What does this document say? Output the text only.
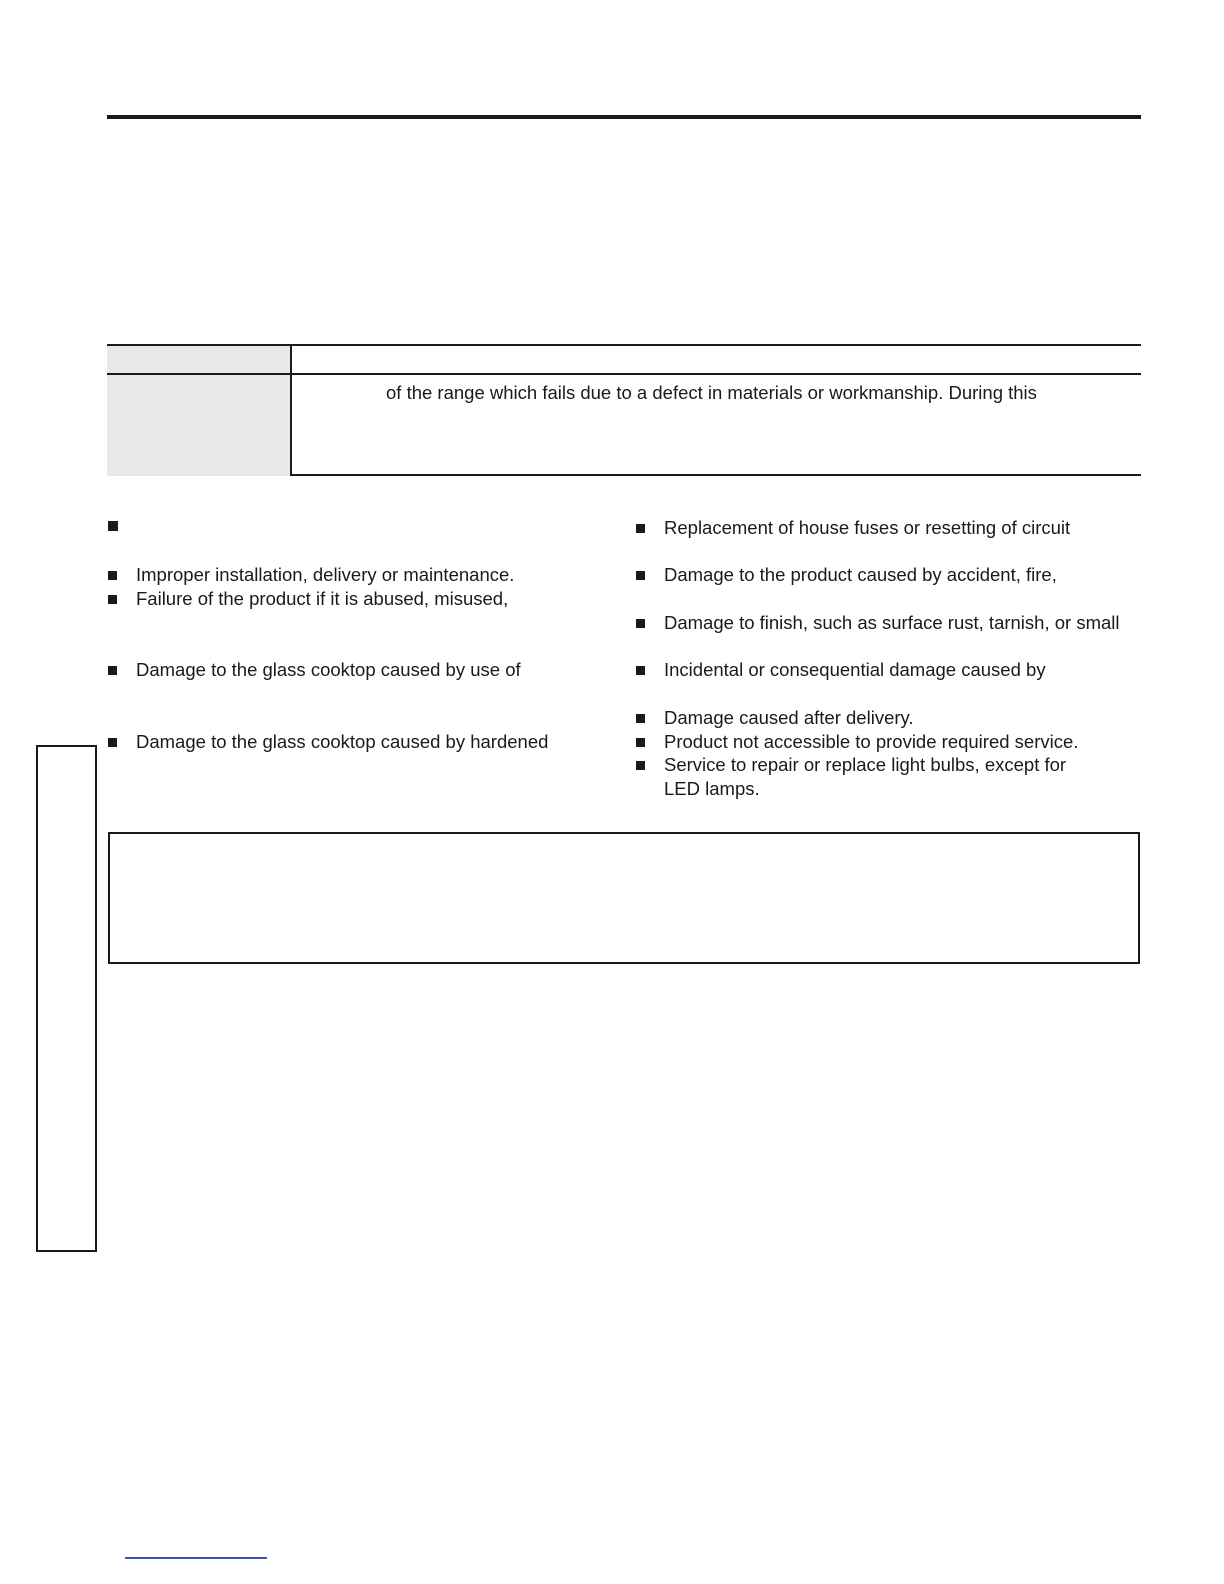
of the range which fails due to a defect in materials or workmanship. During this
Improper installation, delivery or maintenance.
Failure of the product if it is abused, misused,
Damage to the glass cooktop caused by use of
Damage to the glass cooktop caused by hardened
Replacement of house fuses or resetting of circuit
Damage to the product caused by accident, fire,
Damage to finish, such as surface rust, tarnish, or small
Incidental or consequential damage caused by
Damage caused after delivery.
Product not accessible to provide required service.
Service to repair or replace light bulbs, except for
LED lamps.
